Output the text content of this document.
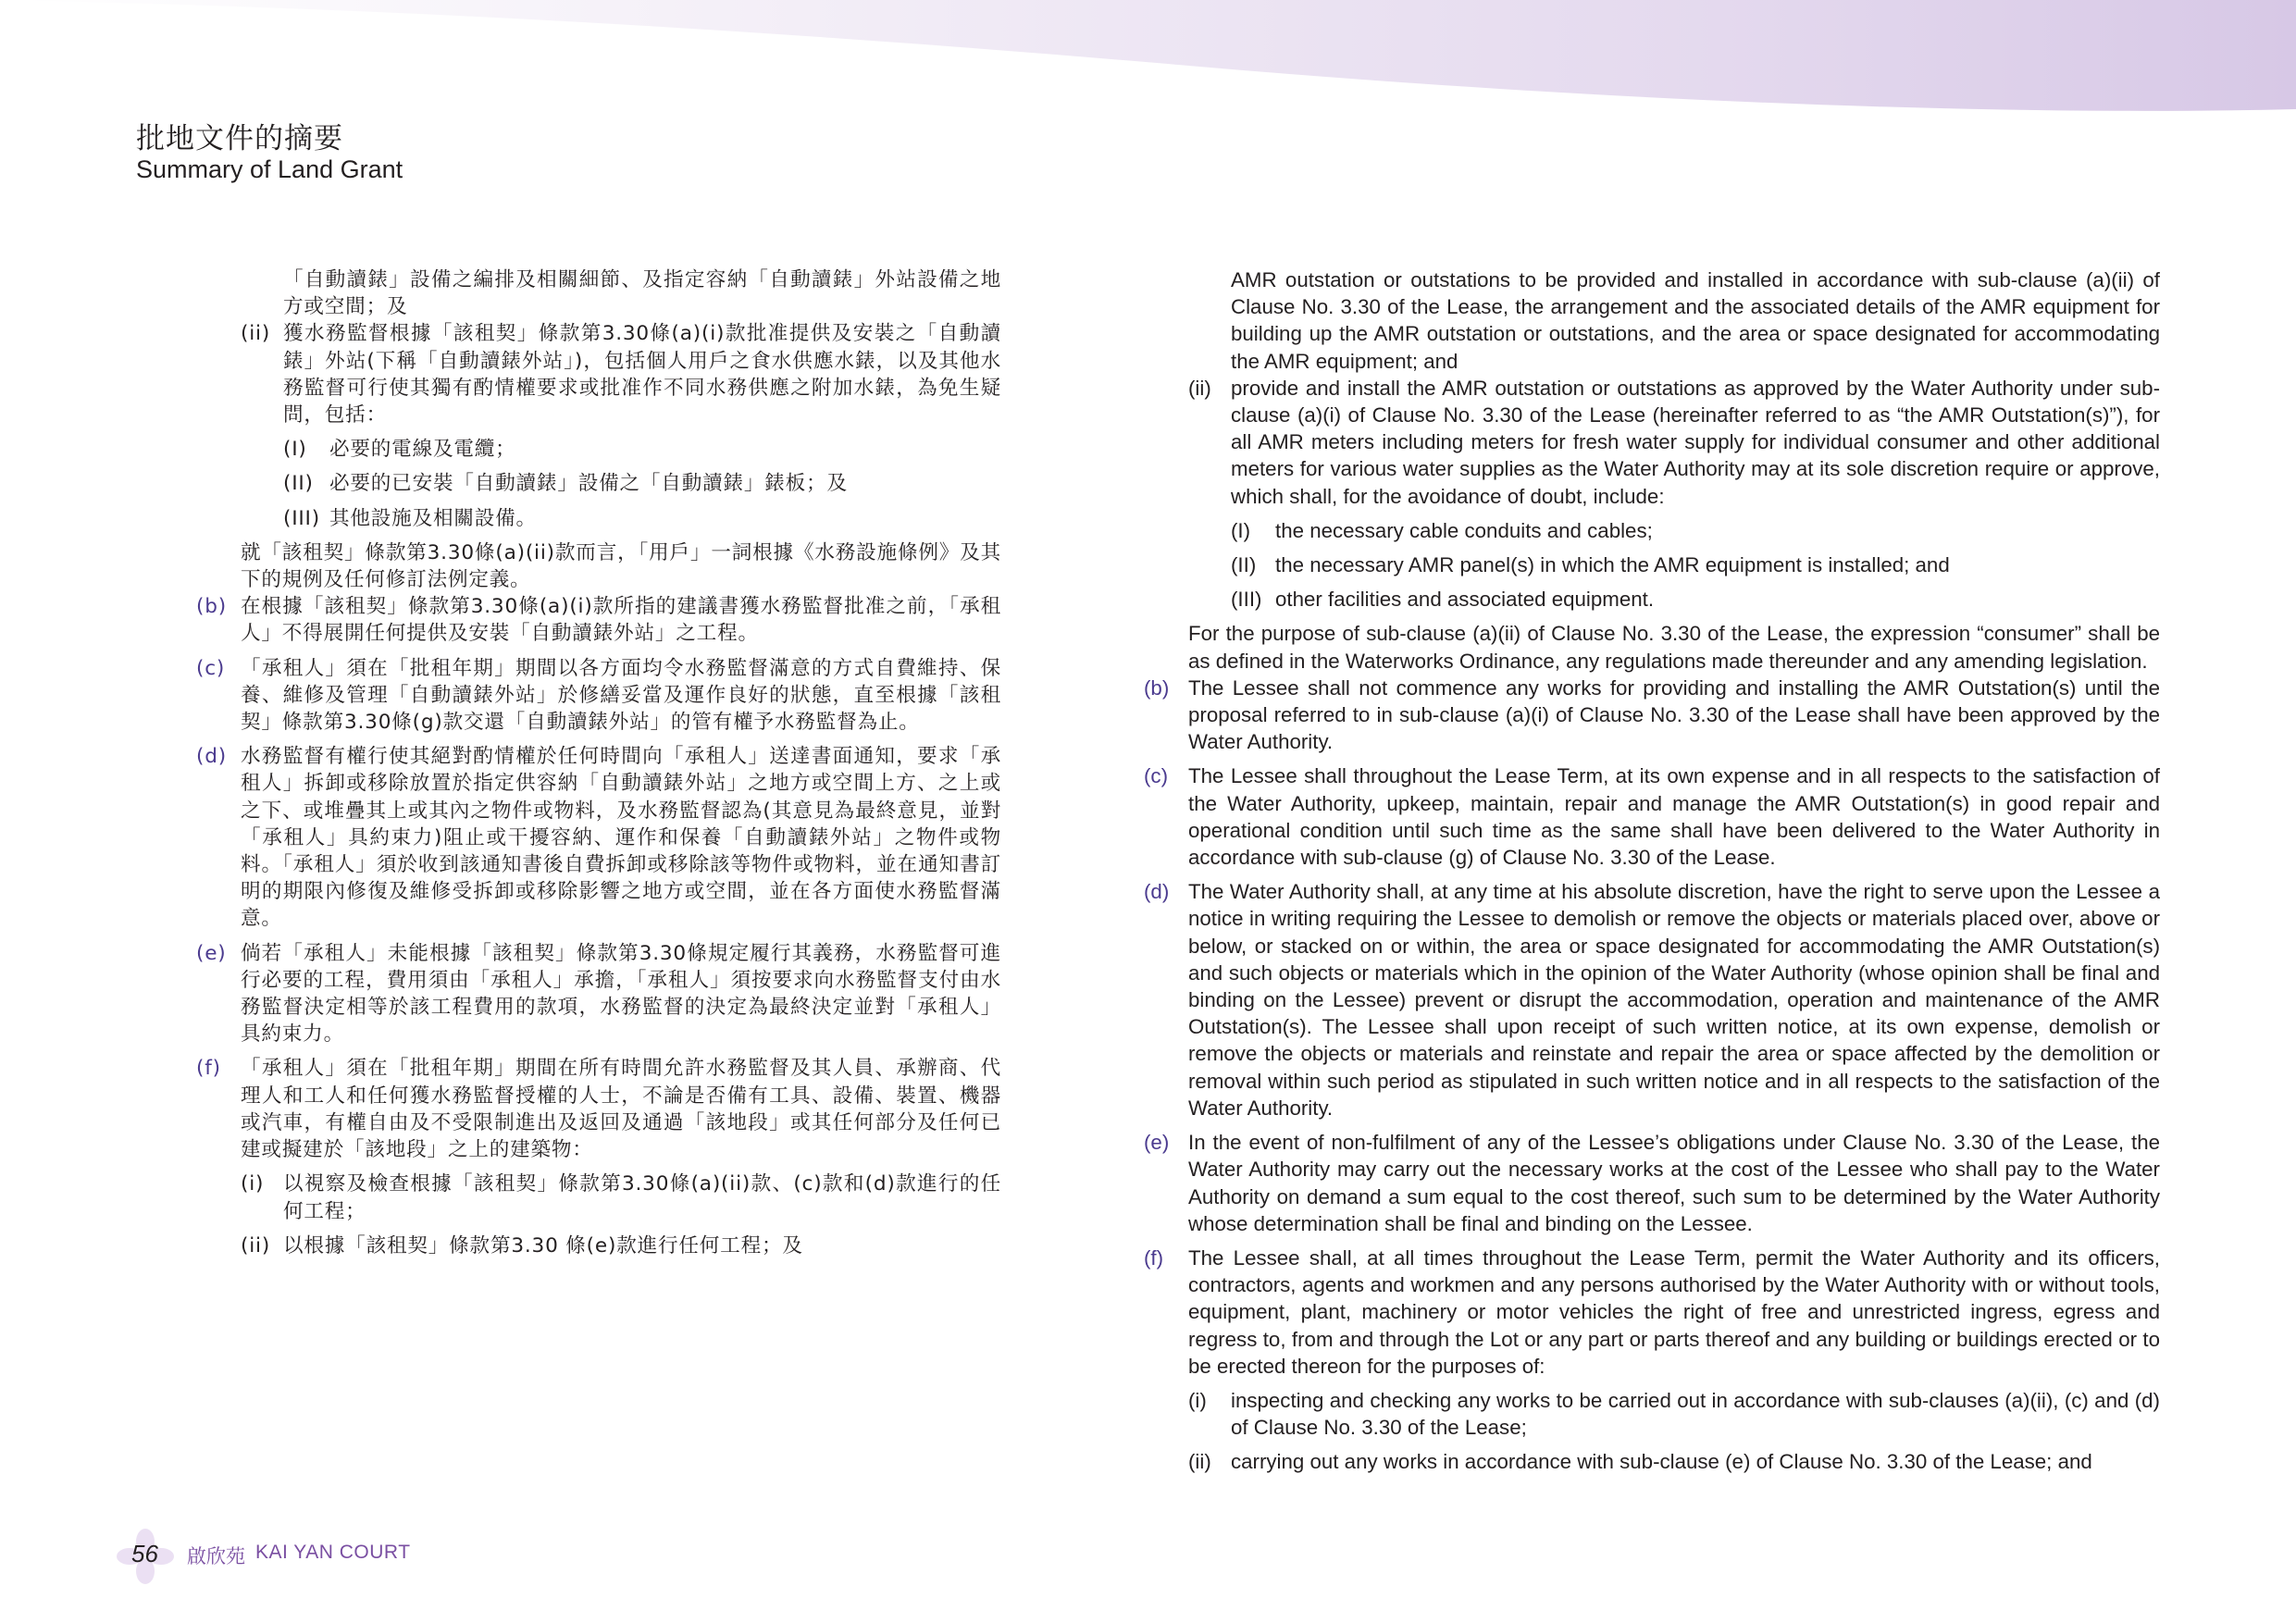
批地文件的摘要
Summary of Land Grant

「自動讀錶」設備之編排及相關細節、及指定容納「自動讀錶」外站設備之地方或空間；及

(ii) 獲水務監督根據「該租契」條款第3.30條(a)(i)款批准提供及安裝之「自動讀錶」外站(下稱「自動讀錶外站」)，包括個人用戶之食水供應水錶，以及其他水務監督可行使其獨有酌情權要求或批准作不同水務供應之附加水錶，為免生疑問，包括：
(I) 必要的電線及電纜；
(II) 必要的已安裝「自動讀錶」設備之「自動讀錶」錶板；及
(III) 其他設施及相關設備。

就「該租契」條款第3.30條(a)(ii)款而言，「用戶」一詞根據《水務設施條例》及其下的規例及任何修訂法例定義。

(b) 在根據「該租契」條款第3.30條(a)(i)款所指的建議書獲水務監督批准之前，「承租人」不得展開任何提供及安裝「自動讀錶外站」之工程。
(c) 「承租人」須在「批租年期」期間以各方面均令水務監督滿意的方式自費維持、保養、維修及管理「自動讀錶外站」於修繕妥當及運作良好的狀態，直至根據「該租契」條款第3.30條(g)款交還「自動讀錶外站」的管有權予水務監督為止。
(d) 水務監督有權行使其絕對酌情權於任何時間向「承租人」送達書面通知，要求「承租人」拆卸或移除放置於指定供容納「自動讀錶外站」之地方或空間上方、之上或之下、或堆疊其上或其內之物件或物料，及水務監督認為(其意見為最終意見，並對「承租人」具約束力)阻止或干擾容納、運作和保養「自動讀錶外站」之物件或物料。「承租人」須於收到該通知書後自費拆卸或移除該等物件或物料，並在通知書訂明的期限內修復及維修受拆卸或移除影響之地方或空間，並在各方面使水務監督滿意。
(e) 倘若「承租人」未能根據「該租契」條款第3.30條規定履行其義務，水務監督可進行必要的工程，費用須由「承租人」承擔，「承租人」須按要求向水務監督支付由水務監督決定相等於該工程費用的款項，水務監督的決定為最終決定並對「承租人」具約束力。
(f) 「承租人」須在「批租年期」期間在所有時間允許水務監督及其人員、承辦商、代理人和工人和任何獲水務監督授權的人士，不論是否備有工具、設備、裝置、機器或汽車，有權自由及不受限制進出及返回及通過「該地段」或其任何部分及任何已建或擬建於「該地段」之上的建築物：
(i) 以視察及檢查根據「該租契」條款第3.30條(a)(ii)款、(c)款和(d)款進行的任何工程；
(ii) 以根據「該租契」條款第3.30 條(e)款進行任何工程；及

AMR outstation or outstations to be provided and installed in accordance with sub-clause (a)(ii) of Clause No. 3.30 of the Lease, the arrangement and the associated details of the AMR equipment for building up the AMR outstation or outstations, and the area or space designated for accommodating the AMR equipment; and

(ii) provide and install the AMR outstation or outstations as approved by the Water Authority under sub-clause (a)(i) of Clause No. 3.30 of the Lease (hereinafter referred to as “the AMR Outstation(s)”), for all AMR meters including meters for fresh water supply for individual consumer and other additional meters for various water supplies as the Water Authority may at its sole discretion require or approve, which shall, for the avoidance of doubt, include:
(I) the necessary cable conduits and cables;
(II) the necessary AMR panel(s) in which the AMR equipment is installed; and
(III) other facilities and associated equipment.

For the purpose of sub-clause (a)(ii) of Clause No. 3.30 of the Lease, the expression “consumer” shall be as defined in the Waterworks Ordinance, any regulations made thereunder and any amending legislation.

(b) The Lessee shall not commence any works for providing and installing the AMR Outstation(s) until the proposal referred to in sub-clause (a)(i) of Clause No. 3.30 of the Lease shall have been approved by the Water Authority.
(c) The Lessee shall throughout the Lease Term, at its own expense and in all respects to the satisfaction of the Water Authority, upkeep, maintain, repair and manage the AMR Outstation(s) in good repair and operational condition until such time as the same shall have been delivered to the Water Authority in accordance with sub-clause (g) of Clause No. 3.30 of the Lease.
(d) The Water Authority shall, at any time at his absolute discretion, have the right to serve upon the Lessee a notice in writing requiring the Lessee to demolish or remove the objects or materials placed over, above or below, or stacked on or within, the area or space designated for accommodating the AMR Outstation(s) and such objects or materials which in the opinion of the Water Authority (whose opinion shall be final and binding on the Lessee) prevent or disrupt the accommodation, operation and maintenance of the AMR Outstation(s). The Lessee shall upon receipt of such written notice, at its own expense, demolish or remove the objects or materials and reinstate and repair the area or space affected by the demolition or removal within such period as stipulated in such written notice and in all respects to the satisfaction of the Water Authority.
(e) In the event of non-fulfilment of any of the Lessee’s obligations under Clause No. 3.30 of the Lease, the Water Authority may carry out the necessary works at the cost of the Lessee who shall pay to the Water Authority on demand a sum equal to the cost thereof, such sum to be determined by the Water Authority whose determination shall be final and binding on the Lessee.
(f) The Lessee shall, at all times throughout the Lease Term, permit the Water Authority and its officers, contractors, agents and workmen and any persons authorised by the Water Authority with or without tools, equipment, plant, machinery or motor vehicles the right of free and unrestricted ingress, egress and regress to, from and through the Lot or any part or parts thereof and any building or buildings erected or to be erected thereon for the purposes of:
(i) inspecting and checking any works to be carried out in accordance with sub-clauses (a)(ii), (c) and (d) of Clause No. 3.30 of the Lease;
(ii) carrying out any works in accordance with sub-clause (e) of Clause No. 3.30 of the Lease; and
56 啟欣苑 KAI YAN COURT
